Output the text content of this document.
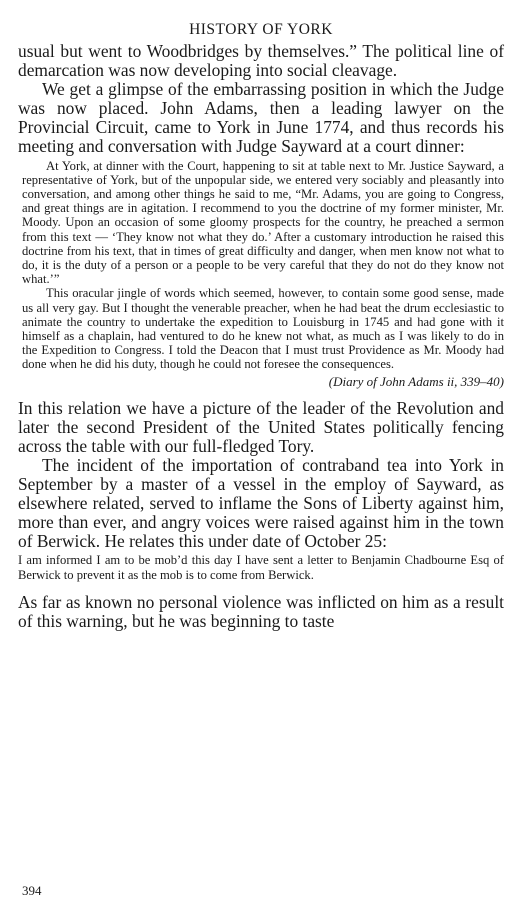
HISTORY OF YORK

usual but went to Woodbridges by themselves.” The political line of demarcation was now developing into social cleavage.

We get a glimpse of the embarrassing position in which the Judge was now placed. John Adams, then a leading lawyer on the Provincial Circuit, came to York in June 1774, and thus records his meeting and conversation with Judge Sayward at a court dinner:

At York, at dinner with the Court, happening to sit at table next to Mr. Justice Sayward, a representative of York, but of the unpopular side, we entered very sociably and pleasantly into conversation, and among other things he said to me, “Mr. Adams, you are going to Congress, and great things are in agitation. I recommend to you the doctrine of my former minister, Mr. Moody. Upon an occasion of some gloomy prospects for the country, he preached a sermon from this text — ‘They know not what they do.’ After a customary introduction he raised this doctrine from his text, that in times of great difficulty and danger, when men know not what to do, it is the duty of a person or a people to be very careful that they do not do they know not what.’”

This oracular jingle of words which seemed, however, to contain some good sense, made us all very gay. But I thought the venerable preacher, when he had beat the drum ecclesiastic to animate the country to undertake the expedition to Louisburg in 1745 and had gone with it himself as a chaplain, had ventured to do he knew not what, as much as I was likely to do in the Expedition to Congress. I told the Deacon that I must trust Providence as Mr. Moody had done when he did his duty, though he could not foresee the consequences.

(Diary of John Adams ii, 339–40)

In this relation we have a picture of the leader of the Revolution and later the second President of the United States politically fencing across the table with our full-fledged Tory.

The incident of the importation of contraband tea into York in September by a master of a vessel in the employ of Sayward, as elsewhere related, served to inflame the Sons of Liberty against him, more than ever, and angry voices were raised against him in the town of Berwick. He relates this under date of October 25:

I am informed I am to be mob’d this day I have sent a letter to Benjamin Chadbourne Esq of Berwick to prevent it as the mob is to come from Berwick.

As far as known no personal violence was inflicted on him as a result of this warning, but he was beginning to taste

394
